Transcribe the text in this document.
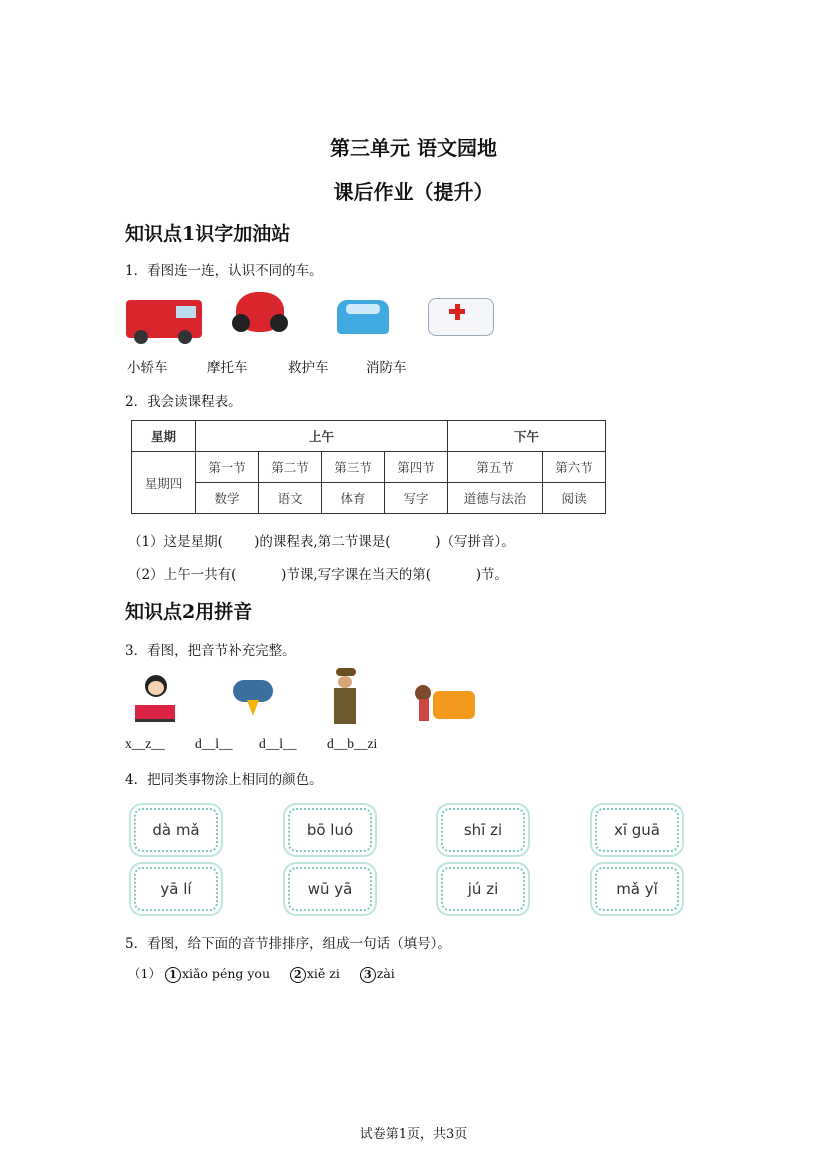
第三单元 语文园地
课后作业（提升）
知识点1识字加油站
1．看图连一连，认识不同的车。
小轿车	摩托车	救护车	消防车
2．我会读课程表。
星期	上午				下午	
星期四	第一节	第二节	第三节	第四节	第五节	第六节
	数学	语文	体育	写字	道德与法治	阅读
（1）这是星期(　　 )的课程表,第二节课是(　　　 )（写拼音）。
（2）上午一共有(　　　 )节课,写字课在当天的第(　　　 )节。
知识点2用拼音
3．看图，把音节补充完整。
x__z__ d__l__ d__l__ d__b__zi
4．把同类事物涂上相同的颜色。
dà mǎ	bō luó	shī zi	xī guā
yā lí	wū yā	jú zi	mǎ yǐ
5．看图，给下面的音节排排序，组成一句话（填号）。
（1） 1 xiǎo péng you 2 xiě zi 3 zài
试卷第1页，共3页
